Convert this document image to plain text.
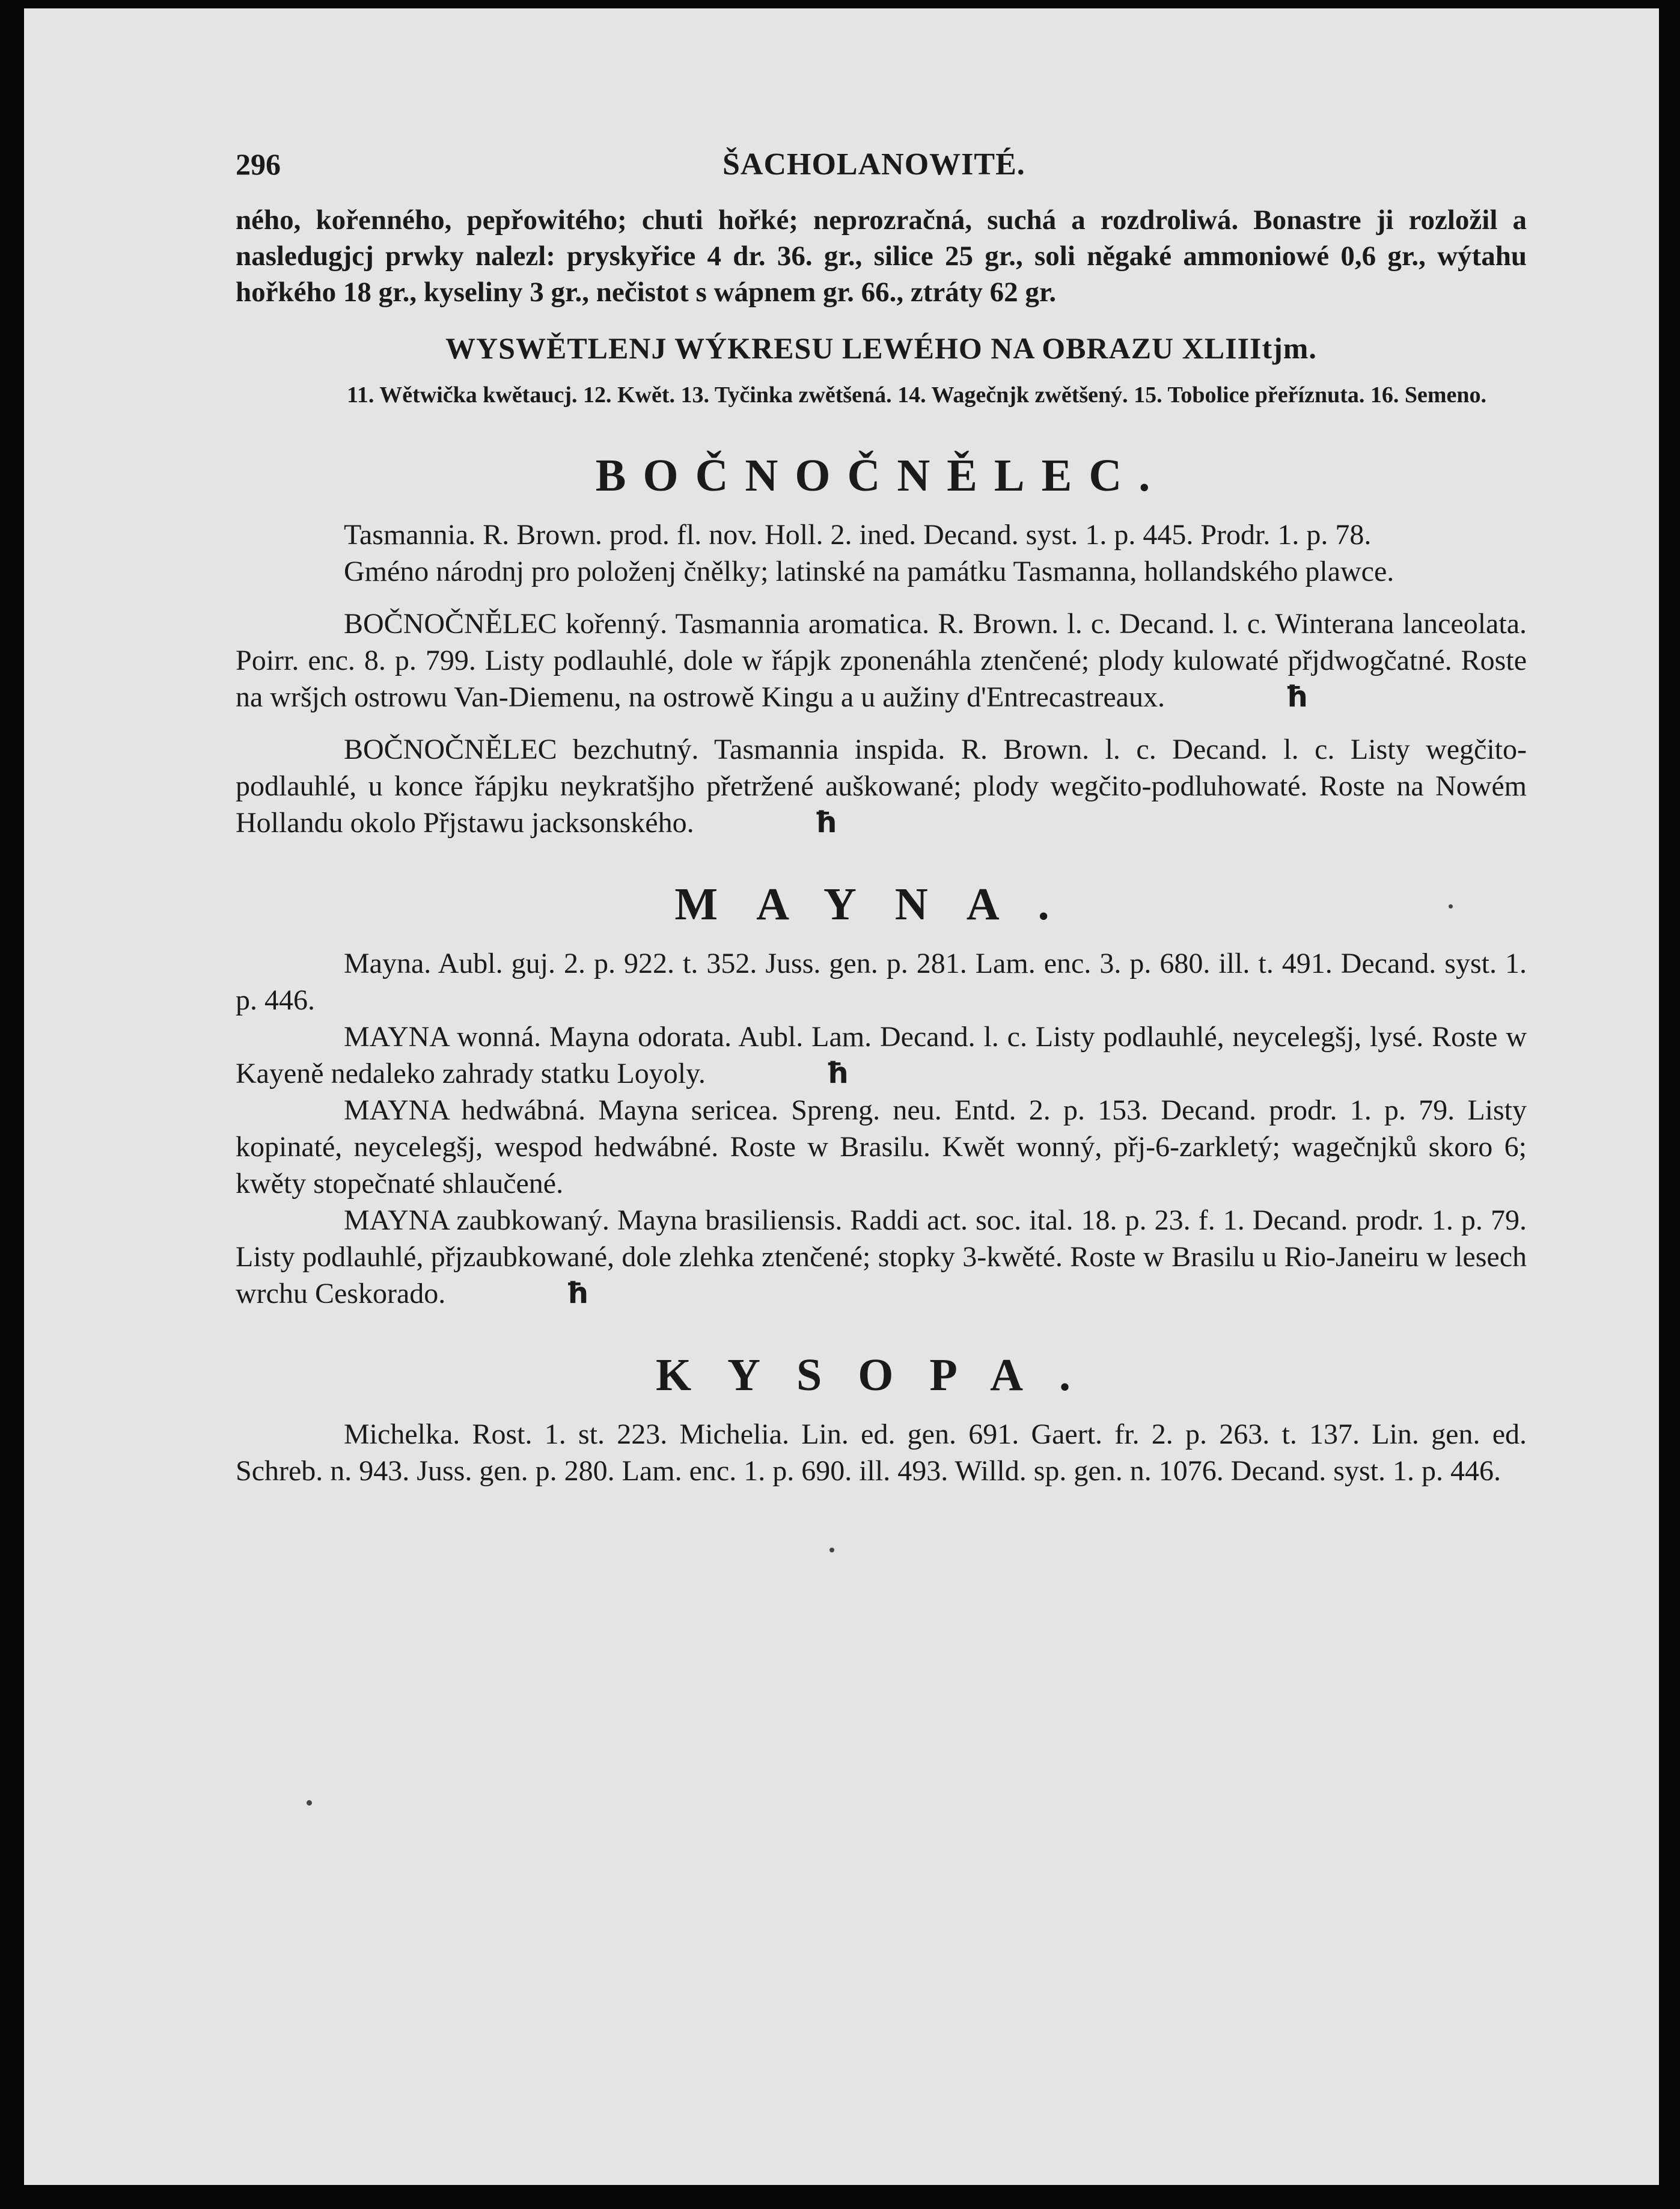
296	ŠACHOLANOWITÉ.

ného, kořenného, pepřowitého; chuti hořké; neprozračná, suchá a rozdroliwá. Bonastre ji rozložil a nasledugjcj prwky nalezl: pryskyřice 4 dr. 36. gr., silice 25 gr., soli něgaké ammoniowé 0,6 gr., wýtahu hořkého 18 gr., kyseliny 3 gr., nečistot s wápnem gr. 66., ztráty 62 gr.

WYSWĚTLENJ WÝKRESU LEWÉHO NA OBRAZU XLIIItjm.

11. Wětwička kwětaucj. 12. Kwět. 13. Tyčinka zwětšená. 14. Wagečnjk zwětšený. 15. Tobolice přeříznuta. 16. Semeno.

BOČNOČNĚLEC.

Tasmannia. R. Brown. prod. fl. nov. Holl. 2. ined. Decand. syst. 1. p. 445. Prodr. 1. p. 78.

Gméno národnj pro položenj čnělky; latinské na památku Tasmanna, hollandského plawce.

BOČNOČNĚLEC kořenný. Tasmannia aromatica. R. Brown. l. c. Decand. l. c. Winterana lanceolata. Poirr. enc. 8. p. 799. Listy podlauhlé, dole w řápjk zponenáhla ztenčené; plody kulowaté přjdwogčatné. Roste na wršjch ostrowu Van-Diemenu, na ostrowě Kingu a u aužiny d'Entrecastreaux.	ħ

BOČNOČNĚLEC bezchutný. Tasmannia inspida. R. Brown. l. c. Decand. l. c. Listy wegčito-podlauhlé, u konce řápjku neykratšjho přetržené auškowané; plody wegčito-podluhowaté. Roste na Nowém Hollandu okolo Přjstawu jacksonského.	ħ

MAYNA.

Mayna. Aubl. guj. 2. p. 922. t. 352. Juss. gen. p. 281. Lam. enc. 3. p. 680. ill. t. 491. Decand. syst. 1. p. 446.

MAYNA wonná. Mayna odorata. Aubl. Lam. Decand. l. c. Listy podlauhlé, neycelegšj, lysé. Roste w Kayeně nedaleko zahrady statku Loyoly.	ħ

MAYNA hedwábná. Mayna sericea. Spreng. neu. Entd. 2. p. 153. Decand. prodr. 1. p. 79. Listy kopinaté, neycelegšj, wespod hedwábné. Roste w Brasilu. Kwět wonný, přj-6-zarkletý; wagečnjků skoro 6; kwěty stopečnaté shlaučené.

MAYNA zaubkowaný. Mayna brasiliensis. Raddi act. soc. ital. 18. p. 23. f. 1. Decand. prodr. 1. p. 79. Listy podlauhlé, přjzaubkowané, dole zlehka ztenčené; stopky 3-kwěté. Roste w Brasilu u Rio-Janeiru w lesech wrchu Ceskorado.	ħ

KYSOPA.

Michelka. Rost. 1. st. 223. Michelia. Lin. ed. gen. 691. Gaert. fr. 2. p. 263. t. 137. Lin. gen. ed. Schreb. n. 943. Juss. gen. p. 280. Lam. enc. 1. p. 690. ill. 493. Willd. sp. gen. n. 1076. Decand. syst. 1. p. 446.
